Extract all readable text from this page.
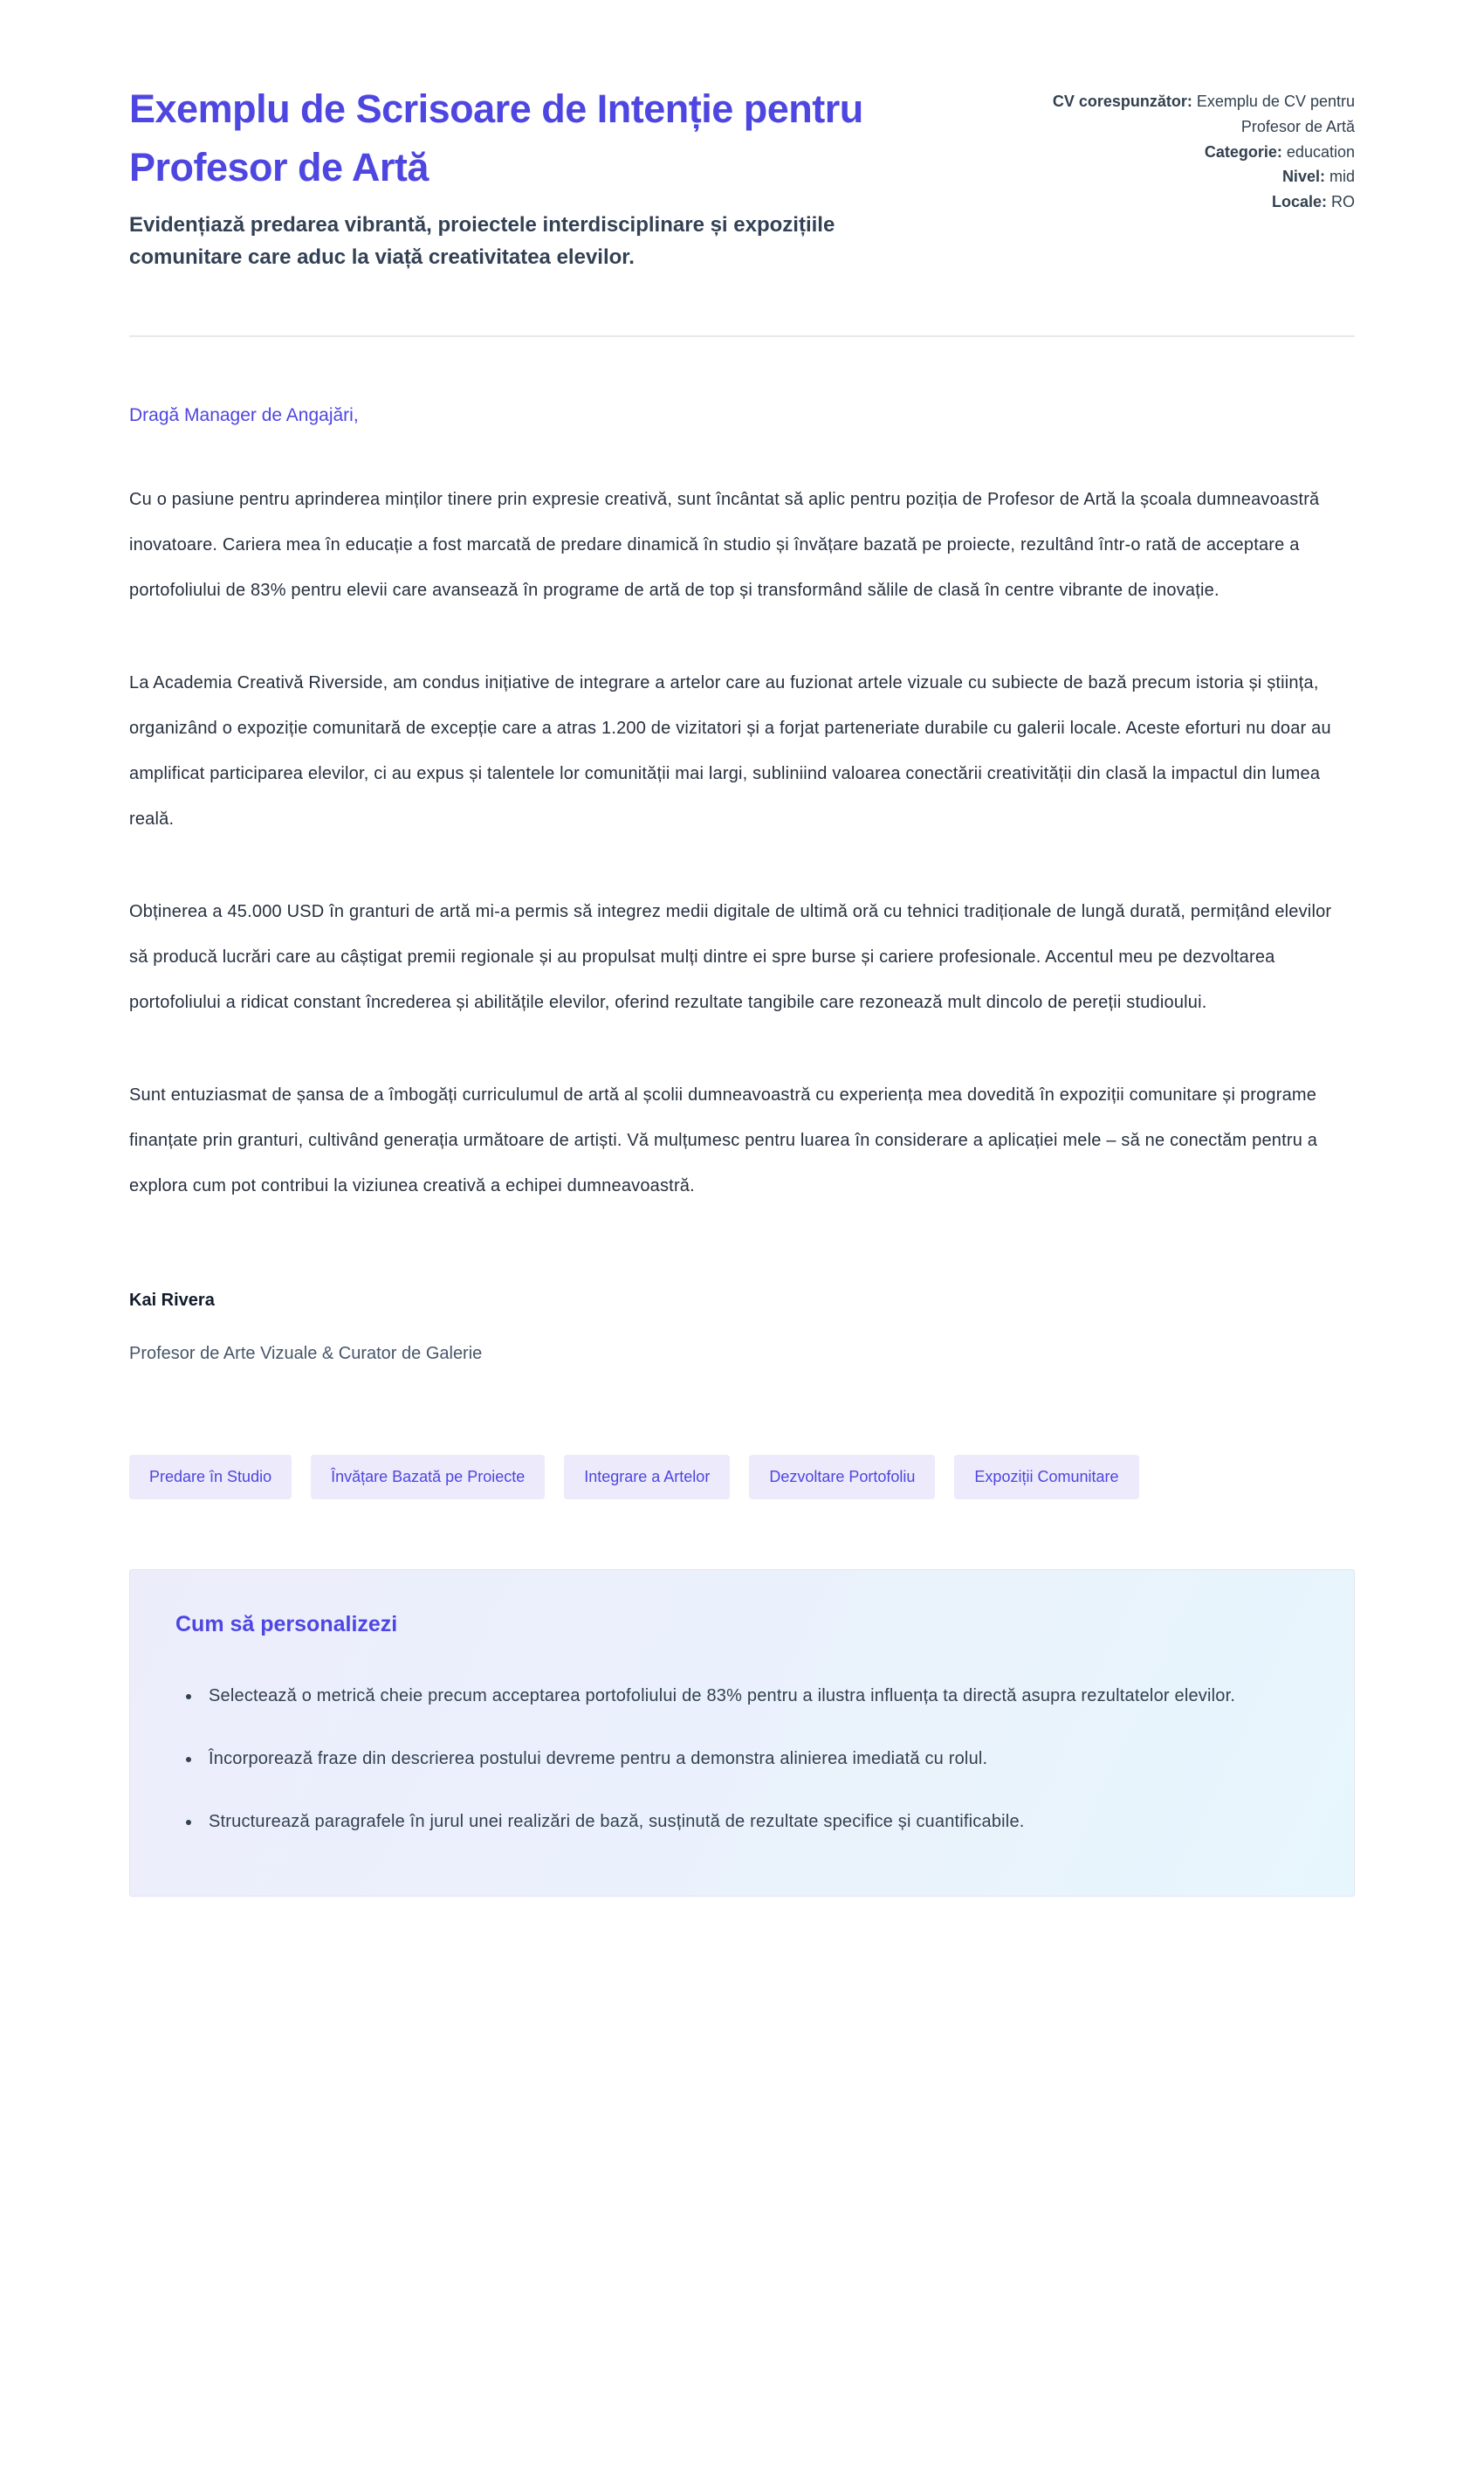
Exemplu de Scrisoare de Intenție pentru Profesor de Artă
Evidențiază predarea vibrantă, proiectele interdisciplinare și expozițiile comunitare care aduc la viață creativitatea elevilor.
CV corespunzător: Exemplu de CV pentru Profesor de Artă
Categorie: education
Nivel: mid
Locale: RO
Dragă Manager de Angajări,

Cu o pasiune pentru aprinderea minților tinere prin expresie creativă, sunt încântat să aplic pentru poziția de Profesor de Artă la școala dumneavoastră inovatoare. Cariera mea în educație a fost marcată de predare dinamică în studio și învățare bazată pe proiecte, rezultând într-o rată de acceptare a portofoliului de 83% pentru elevii care avansează în programe de artă de top și transformând sălile de clasă în centre vibrante de inovație.

La Academia Creativă Riverside, am condus inițiative de integrare a artelor care au fuzionat artele vizuale cu subiecte de bază precum istoria și știința, organizând o expoziție comunitară de excepție care a atras 1.200 de vizitatori și a forjat parteneriate durabile cu galerii locale. Aceste eforturi nu doar au amplificat participarea elevilor, ci au expus și talentele lor comunității mai largi, subliniind valoarea conectării creativității din clasă la impactul din lumea reală.

Obținerea a 45.000 USD în granturi de artă mi-a permis să integrez medii digitale de ultimă oră cu tehnici tradiționale de lungă durată, permițând elevilor să producă lucrări care au câștigat premii regionale și au propulsat mulți dintre ei spre burse și cariere profesionale. Accentul meu pe dezvoltarea portofoliului a ridicat constant încrederea și abilitățile elevilor, oferind rezultate tangibile care rezonează mult dincolo de pereții studioului.

Sunt entuziasmat de șansa de a îmbogăți curriculumul de artă al școlii dumneavoastră cu experiența mea dovedită în expoziții comunitare și programe finanțate prin granturi, cultivând generația următoare de artiști. Vă mulțumesc pentru luarea în considerare a aplicației mele – să ne conectăm pentru a explora cum pot contribui la viziunea creativă a echipei dumneavoastră.

Kai Rivera
Profesor de Arte Vizuale & Curator de Galerie
Predare în Studio	Învățare Bazată pe Proiecte	Integrare a Artelor	Dezvoltare Portofoliu	Expoziții Comunitare
Cum să personalizezi
• Selectează o metrică cheie precum acceptarea portofoliului de 83% pentru a ilustra influența ta directă asupra rezultatelor elevilor.
• Încorporează fraze din descrierea postului devreme pentru a demonstra alinierea imediată cu rolul.
• Structurează paragrafele în jurul unei realizări de bază, susținută de rezultate specifice și cuantificabile.
